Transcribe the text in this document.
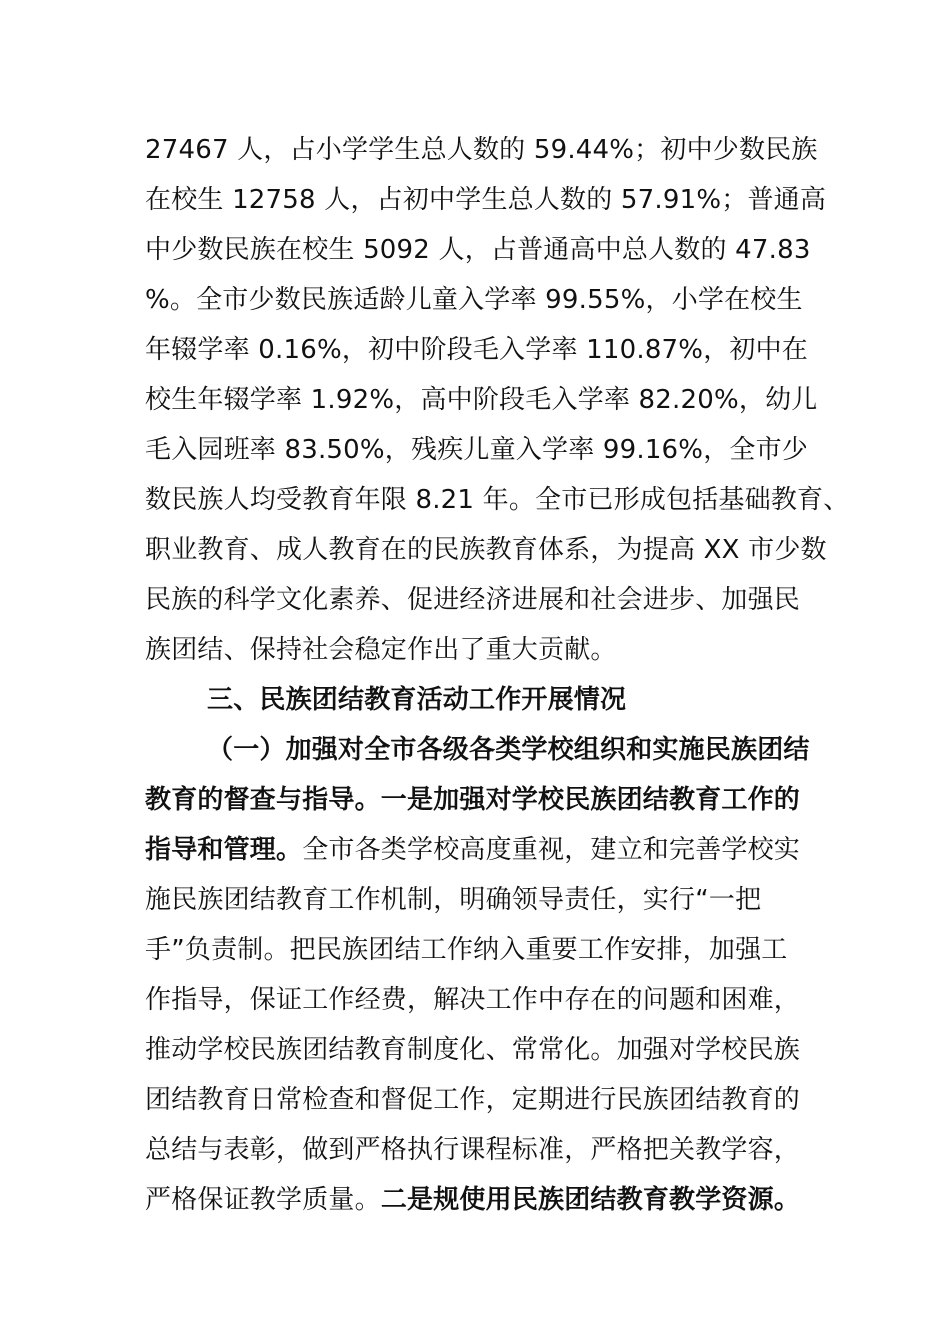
27467 人，占小学学生总人数的 59.44%；初中少数民族
在校生 12758 人，占初中学生总人数的 57.91%；普通高
中少数民族在校生 5092 人，占普通高中总人数的 47.83
%。全市少数民族适龄儿童入学率 99.55%，小学在校生
年辍学率 0.16%，初中阶段毛入学率 110.87%，初中在
校生年辍学率 1.92%，高中阶段毛入学率 82.20%，幼儿
毛入园班率 83.50%，残疾儿童入学率 99.16%，全市少
数民族人均受教育年限 8.21 年。全市已形成包括基础教育、
职业教育、成人教育在的民族教育体系，为提高 XX 市少数
民族的科学文化素养、促进经济进展和社会进步、加强民
族团结、保持社会稳定作出了重大贡献。
三、民族团结教育活动工作开展情况
（一）加强对全市各级各类学校组织和实施民族团结
教育的督查与指导。一是加强对学校民族团结教育工作的
指导和管理。全市各类学校高度重视，建立和完善学校实
施民族团结教育工作机制，明确领导责任，实行“一把
手”负责制。把民族团结工作纳入重要工作安排，加强工
作指导，保证工作经费，解决工作中存在的问题和困难，
推动学校民族团结教育制度化、常常化。加强对学校民族
团结教育日常检查和督促工作，定期进行民族团结教育的
总结与表彰，做到严格执行课程标准，严格把关教学容，
严格保证教学质量。二是规使用民族团结教育教学资源。
